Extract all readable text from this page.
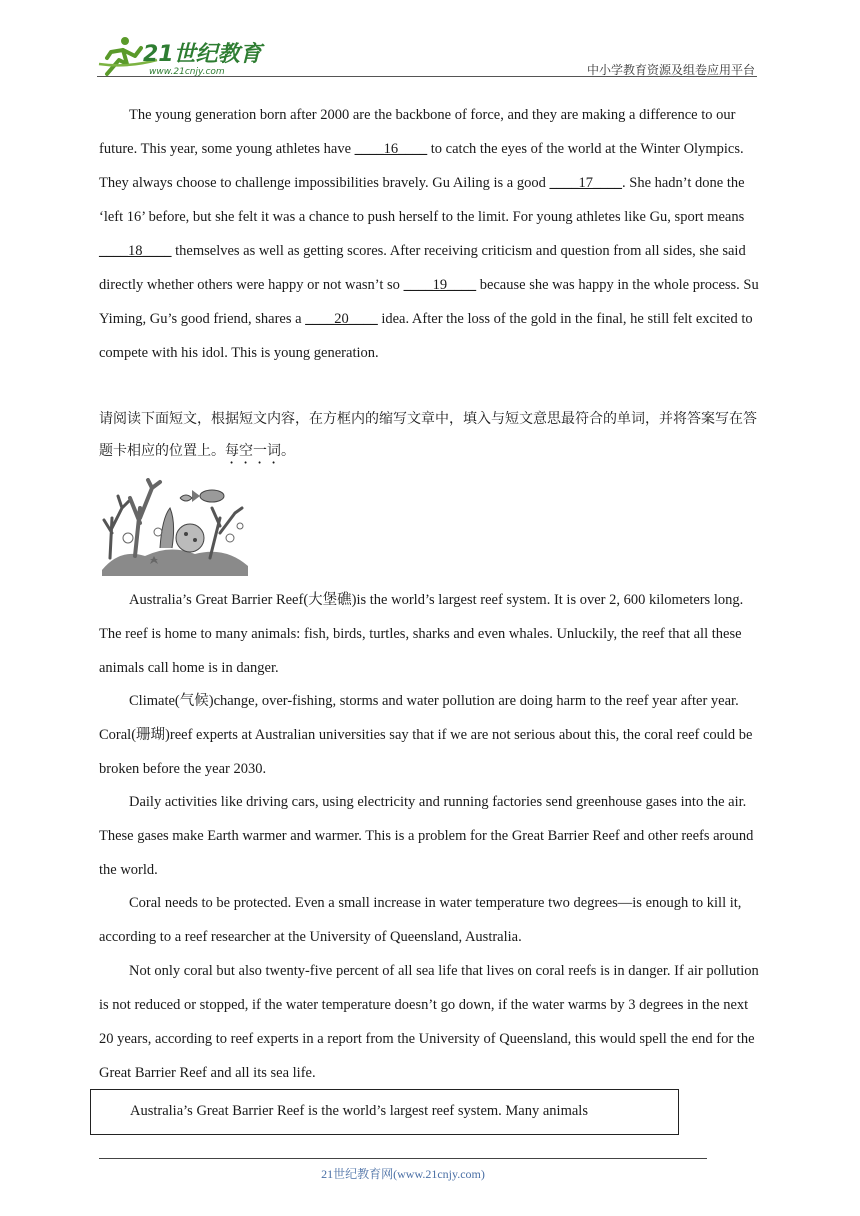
21世纪教育
www.21cnjy.com	中小学教育资源及组卷应用平台

The young generation born after 2000 are the backbone of force, and they are making a difference to our future. This year, some young athletes have ____16____ to catch the eyes of the world at the Winter Olympics. They always choose to challenge impossibilities bravely. Gu Ailing is a good ____17____. She hadn’t done the ‘left 16’ before, but she felt it was a chance to push herself to the limit. For young athletes like Gu, sport means ____18____ themselves as well as getting scores. After receiving criticism and question from all sides, she said directly whether others were happy or not wasn’t so ____19____ because she was happy in the whole process. Su Yiming, Gu’s good friend, shares a ____20____ idea. After the loss of the gold in the final, he still felt excited to compete with his idol. This is young generation.

请阅读下面短文，根据短文内容，在方框内的缩写文章中，填入与短文意思最符合的单词，并将答案写在答题卡相应的位置上。每空一词。

Australia’s Great Barrier Reef(大堡礁)is the world’s largest reef system. It is over 2, 600 kilometers long. The reef is home to many animals: fish, birds, turtles, sharks and even whales. Unluckily, the reef that all these animals call home is in danger.

Climate(气候)change, over-fishing, storms and water pollution are doing harm to the reef year after year. Coral(珊瑚)reef experts at Australian universities say that if we are not serious about this, the coral reef could be broken before the year 2030.

Daily activities like driving cars, using electricity and running factories send greenhouse gases into the air. These gases make Earth warmer and warmer. This is a problem for the Great Barrier Reef and other reefs around the world.

Coral needs to be protected. Even a small increase in water temperature two degrees—is enough to kill it, according to a reef researcher at the University of Queensland, Australia.

Not only coral but also twenty-five percent of all sea life that lives on coral reefs is in danger. If air pollution is not reduced or stopped, if the water temperature doesn’t go down, if the water warms by 3 degrees in the next 20 years, according to reef experts in a report from the University of Queensland, this would spell the end for the Great Barrier Reef and all its sea life.

Australia’s Great Barrier Reef is the world’s largest reef system. Many animals

21世纪教育网(www.21cnjy.com)
